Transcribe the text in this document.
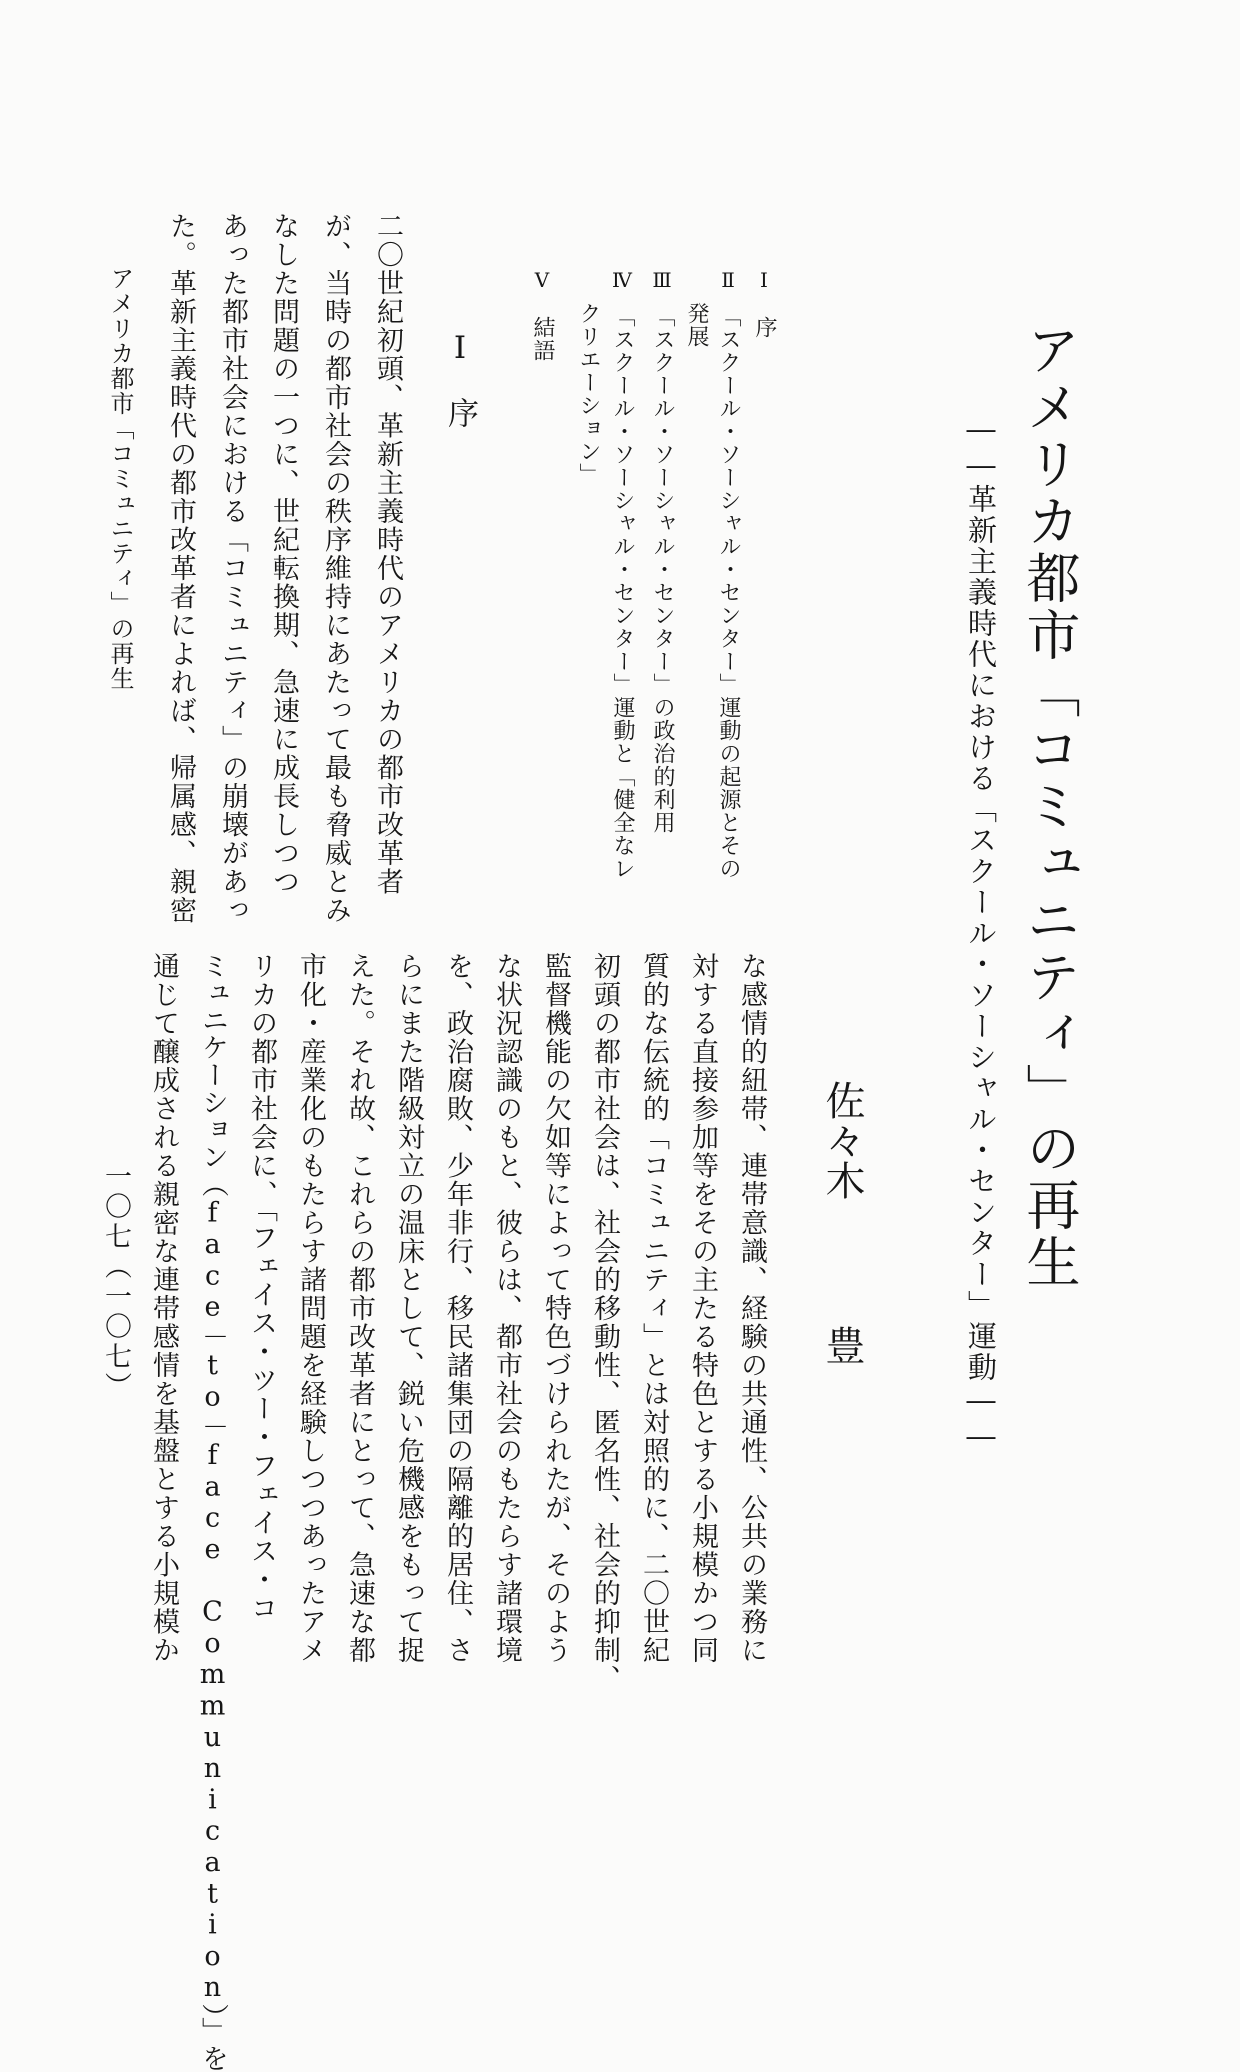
アメリカ都市「コミュニティ」の再生
――革新主義時代における「スクール・ソーシャル・センター」運動――
佐々木
豊
Ⅰ　序
Ⅱ　「スクール・ソーシャル・センター」運動の起源とその
発展
Ⅲ　「スクール・ソーシャル・センター」の政治的利用
Ⅳ　「スクール・ソーシャル・センター」運動と「健全なレ
クリエーション」
Ⅴ　結語
Ⅰ　序
二〇世紀初頭、革新主義時代のアメリカの都市改革者
が、当時の都市社会の秩序維持にあたって最も脅威とみ
なした問題の一つに、世紀転換期、急速に成長しつつ
あった都市社会における「コミュニティ」の崩壊があっ
た。革新主義時代の都市改革者によれば、帰属感、親密
な感情的紐帯、連帯意識、経験の共通性、公共の業務に
対する直接参加等をその主たる特色とする小規模かつ同
質的な伝統的「コミュニティ」とは対照的に、二〇世紀
初頭の都市社会は、社会的移動性、匿名性、社会的抑制、
監督機能の欠如等によって特色づけられたが、そのよう
な状況認識のもと、彼らは、都市社会のもたらす諸環境
を、政治腐敗、少年非行、移民諸集団の隔離的居住、さ
らにまた階級対立の温床として、鋭い危機感をもって捉
えた。それ故、これらの都市改革者にとって、急速な都
市化・産業化のもたらす諸問題を経験しつつあったアメ
リカの都市社会に、「フェイス・ツー・フェイス・コ
ミュニケーション（face－to－face Communication）」を
通じて醸成される親密な連帯感情を基盤とする小規模か
アメリカ都市「コミュニティ」の再生
一〇七（一〇七）
